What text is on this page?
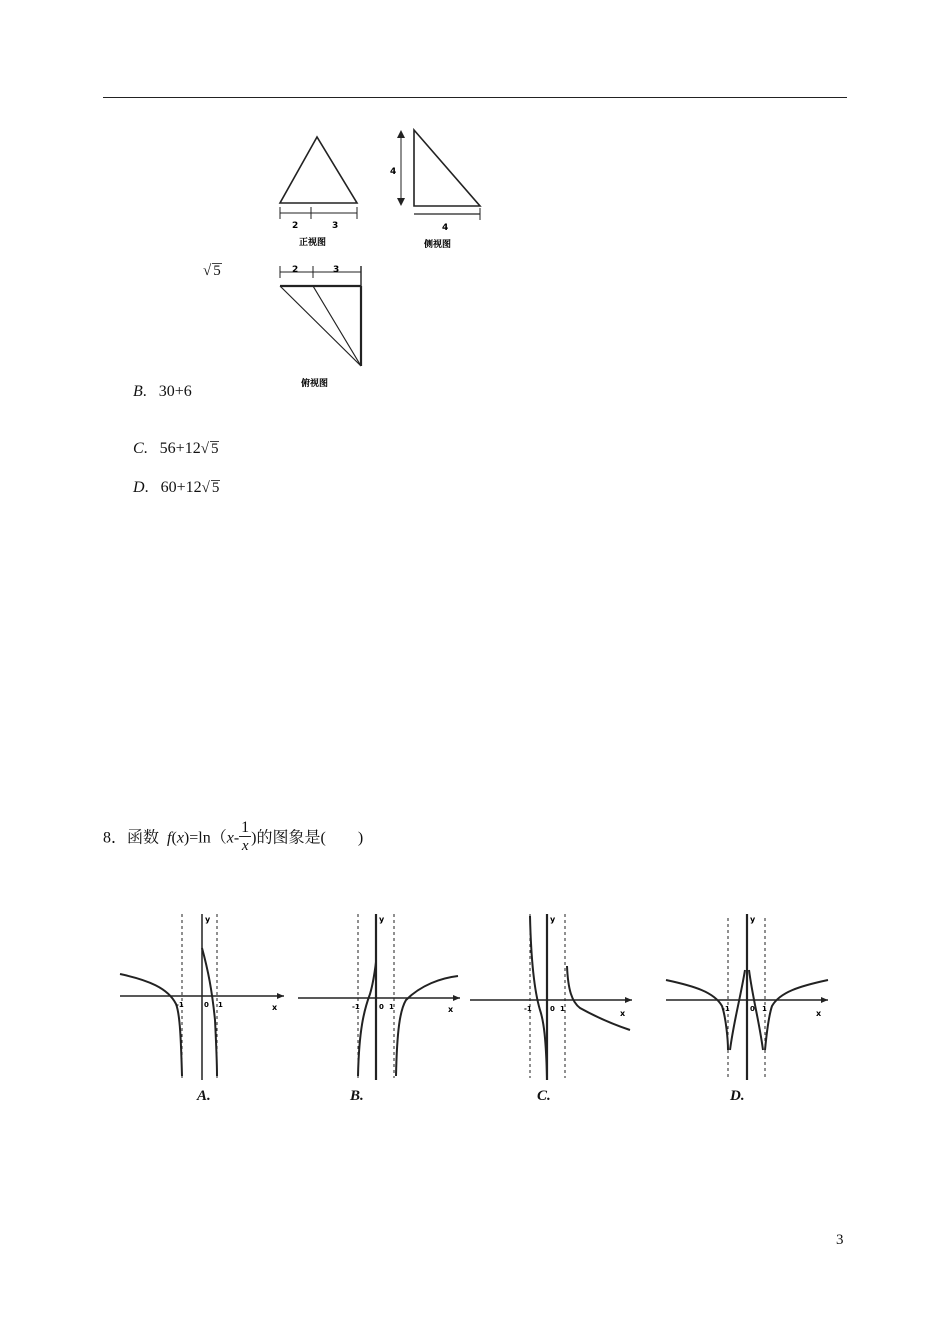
2	3
正视图
4
4
侧视图
2	3
俯视图
√ 5
B.   30+6
C.   56+12√ 5
D.   60+12√ 5
8．函数 $f(x)=\ln(x- \frac{1}{x}$ )的图象是(　　)
-1	0 1
y
x
A.
-1	0 1
y
x
B.
-1	0 1
y
x
C.
-1	0 1
y
x
D.
3
